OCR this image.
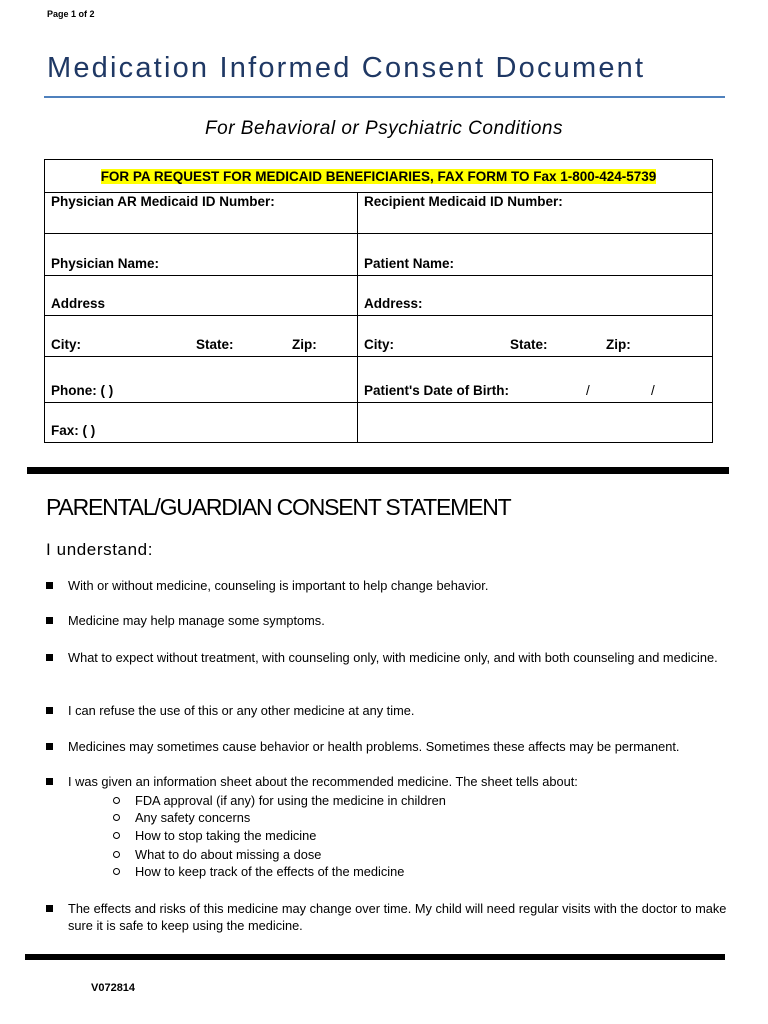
Page 1 of 2
Medication Informed Consent Document
For Behavioral or Psychiatric Conditions
FOR PA REQUEST FOR MEDICAID BENEFICIARIES, FAX FORM TO Fax 1-800-424-5739	

Physician AR Medicaid ID Number:	Recipient Medicaid ID Number:

Physician Name:	Patient Name:

Address	Address:

City: State: Zip:	City: State: Zip:

Phone: ( )	Patient's Date of Birth: / /

Fax: ( )	

PARENTAL/GUARDIAN CONSENT STATEMENT
I understand:
With or without medicine, counseling is important to help change behavior.
Medicine may help manage some symptoms.
What to expect without treatment, with counseling only, with medicine only, and with both counseling and medicine.
I can refuse the use of this or any other medicine at any time.
Medicines may sometimes cause behavior or health problems. Sometimes these affects may be permanent.
I was given an information sheet about the recommended medicine. The sheet tells about:
FDA approval (if any) for using the medicine in children
Any safety concerns
How to stop taking the medicine
What to do about missing a dose
How to keep track of the effects of the medicine
The effects and risks of this medicine may change over time. My child will need regular visits with the doctor to make sure it is safe to keep using the medicine.
V072814
